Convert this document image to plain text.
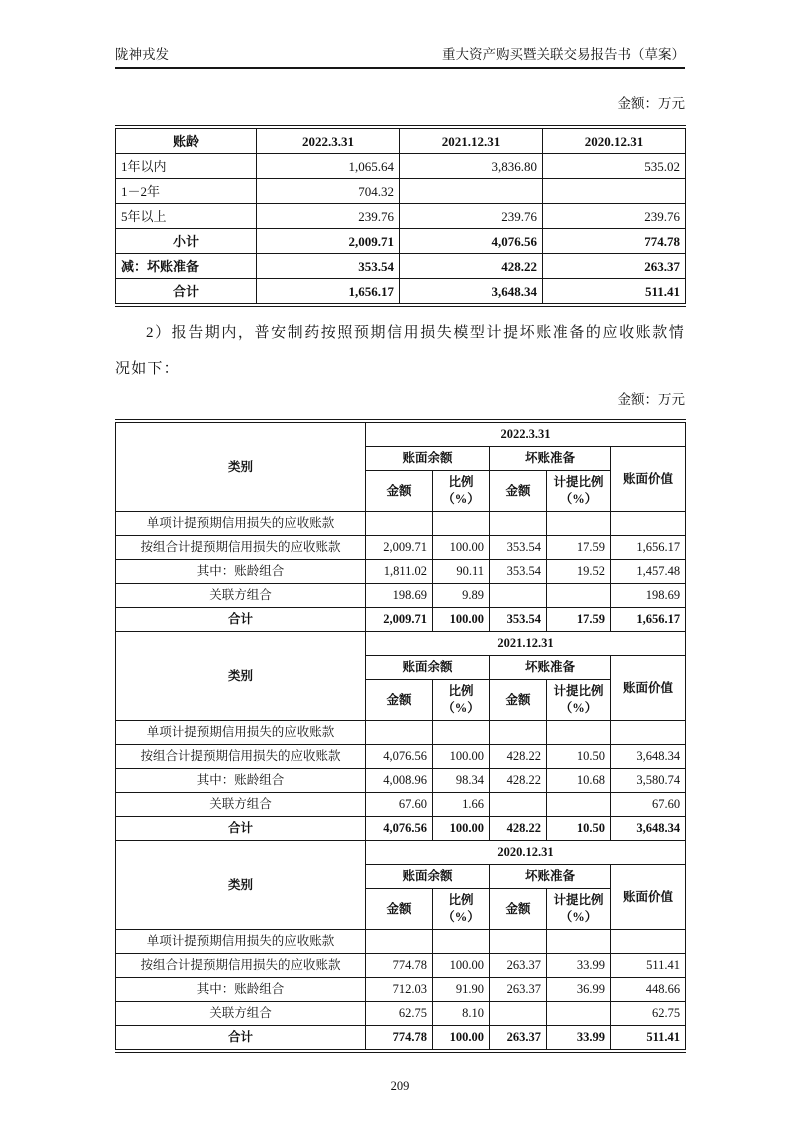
陇神戎发	重大资产购买暨关联交易报告书（草案）
金额：万元
账龄	2022.3.31	2021.12.31	2020.12.31
1年以内	1,065.64	3,836.80	535.02
1－2年	704.32		
5年以上	239.76	239.76	239.76
小计	2,009.71	4,076.56	774.78
减：坏账准备	353.54	428.22	263.37
合计	1,656.17	3,648.34	511.41

2）报告期内，普安制药按照预期信用损失模型计提坏账准备的应收账款情况如下：

金额：万元
类别	2022.3.31				
	账面余额		坏账准备		账面价值
	金额	比例（%）	金额	计提比例（%）	
单项计提预期信用损失的应收账款					
按组合计提预期信用损失的应收账款	2,009.71	100.00	353.54	17.59	1,656.17
其中：账龄组合	1,811.02	90.11	353.54	19.52	1,457.48
关联方组合	198.69	9.89			198.69
合计	2,009.71	100.00	353.54	17.59	1,656.17
类别	2021.12.31				
	账面余额		坏账准备		账面价值
	金额	比例（%）	金额	计提比例（%）	
单项计提预期信用损失的应收账款					
按组合计提预期信用损失的应收账款	4,076.56	100.00	428.22	10.50	3,648.34
其中：账龄组合	4,008.96	98.34	428.22	10.68	3,580.74
关联方组合	67.60	1.66			67.60
合计	4,076.56	100.00	428.22	10.50	3,648.34
类别	2020.12.31				
	账面余额		坏账准备		账面价值
	金额	比例（%）	金额	计提比例（%）	
单项计提预期信用损失的应收账款					
按组合计提预期信用损失的应收账款	774.78	100.00	263.37	33.99	511.41
其中：账龄组合	712.03	91.90	263.37	36.99	448.66
关联方组合	62.75	8.10			62.75
合计	774.78	100.00	263.37	33.99	511.41
209
